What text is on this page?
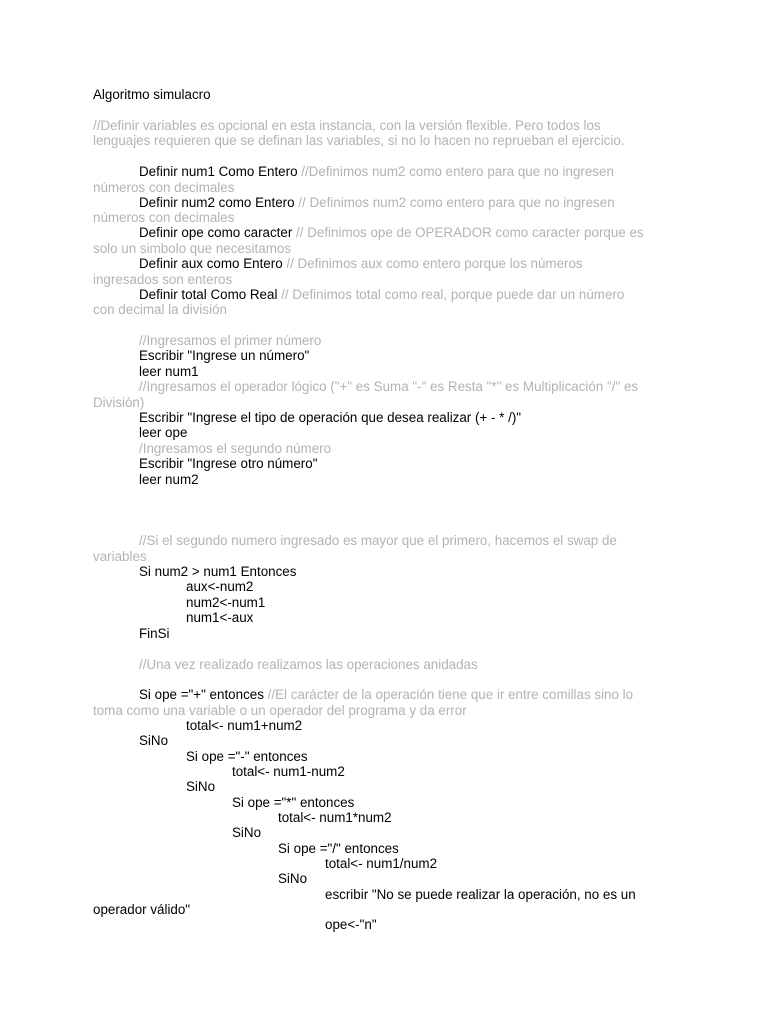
Algoritmo simulacro
//Definir variables es opcional en esta instancia, con la versión flexible. Pero todos los
lenguajes requieren que se definan las variables, si no lo hacen no reprueban el ejercicio.
Definir num1 Como Entero //Definimos num2 como entero para que no ingresen
números con decimales
Definir num2 como Entero // Definimos num2 como entero para que no ingresen
números con decimales
Definir ope como caracter // Definimos ope de OPERADOR como caracter porque es
solo un simbolo que necesitamos
Definir aux como Entero // Definimos aux como entero porque los números
ingresados son enteros
Definir total Como Real // Definimos total como real, porque puede dar un número
con decimal la división
//Ingresamos el primer número
Escribir "Ingrese un número"
leer num1
//Ingresamos el operador lógico ("+" es Suma "-" es Resta "*" es Multiplicación "/" es
División)
Escribir "Ingrese el tipo de operación que desea realizar (+ - * /)"
leer ope
/Ingresamos el segundo número
Escribir "Ingrese otro número"
leer num2
//Si el segundo numero ingresado es mayor que el primero, hacemos el swap de
variables
Si num2 > num1 Entonces
aux<-num2
num2<-num1
num1<-aux
FinSi
//Una vez realizado realizamos las operaciones anidadas
Si ope ="+" entonces //El carácter de la operación tiene que ir entre comillas sino lo
toma como una variable o un operador del programa y da error
total<- num1+num2
SiNo
Si ope ="-" entonces
total<- num1-num2
SiNo
Si ope ="*" entonces
total<- num1*num2
SiNo
Si ope ="/" entonces
total<- num1/num2
SiNo
escribir "No se puede realizar la operación, no es un
operador válido"
ope<-"n"
